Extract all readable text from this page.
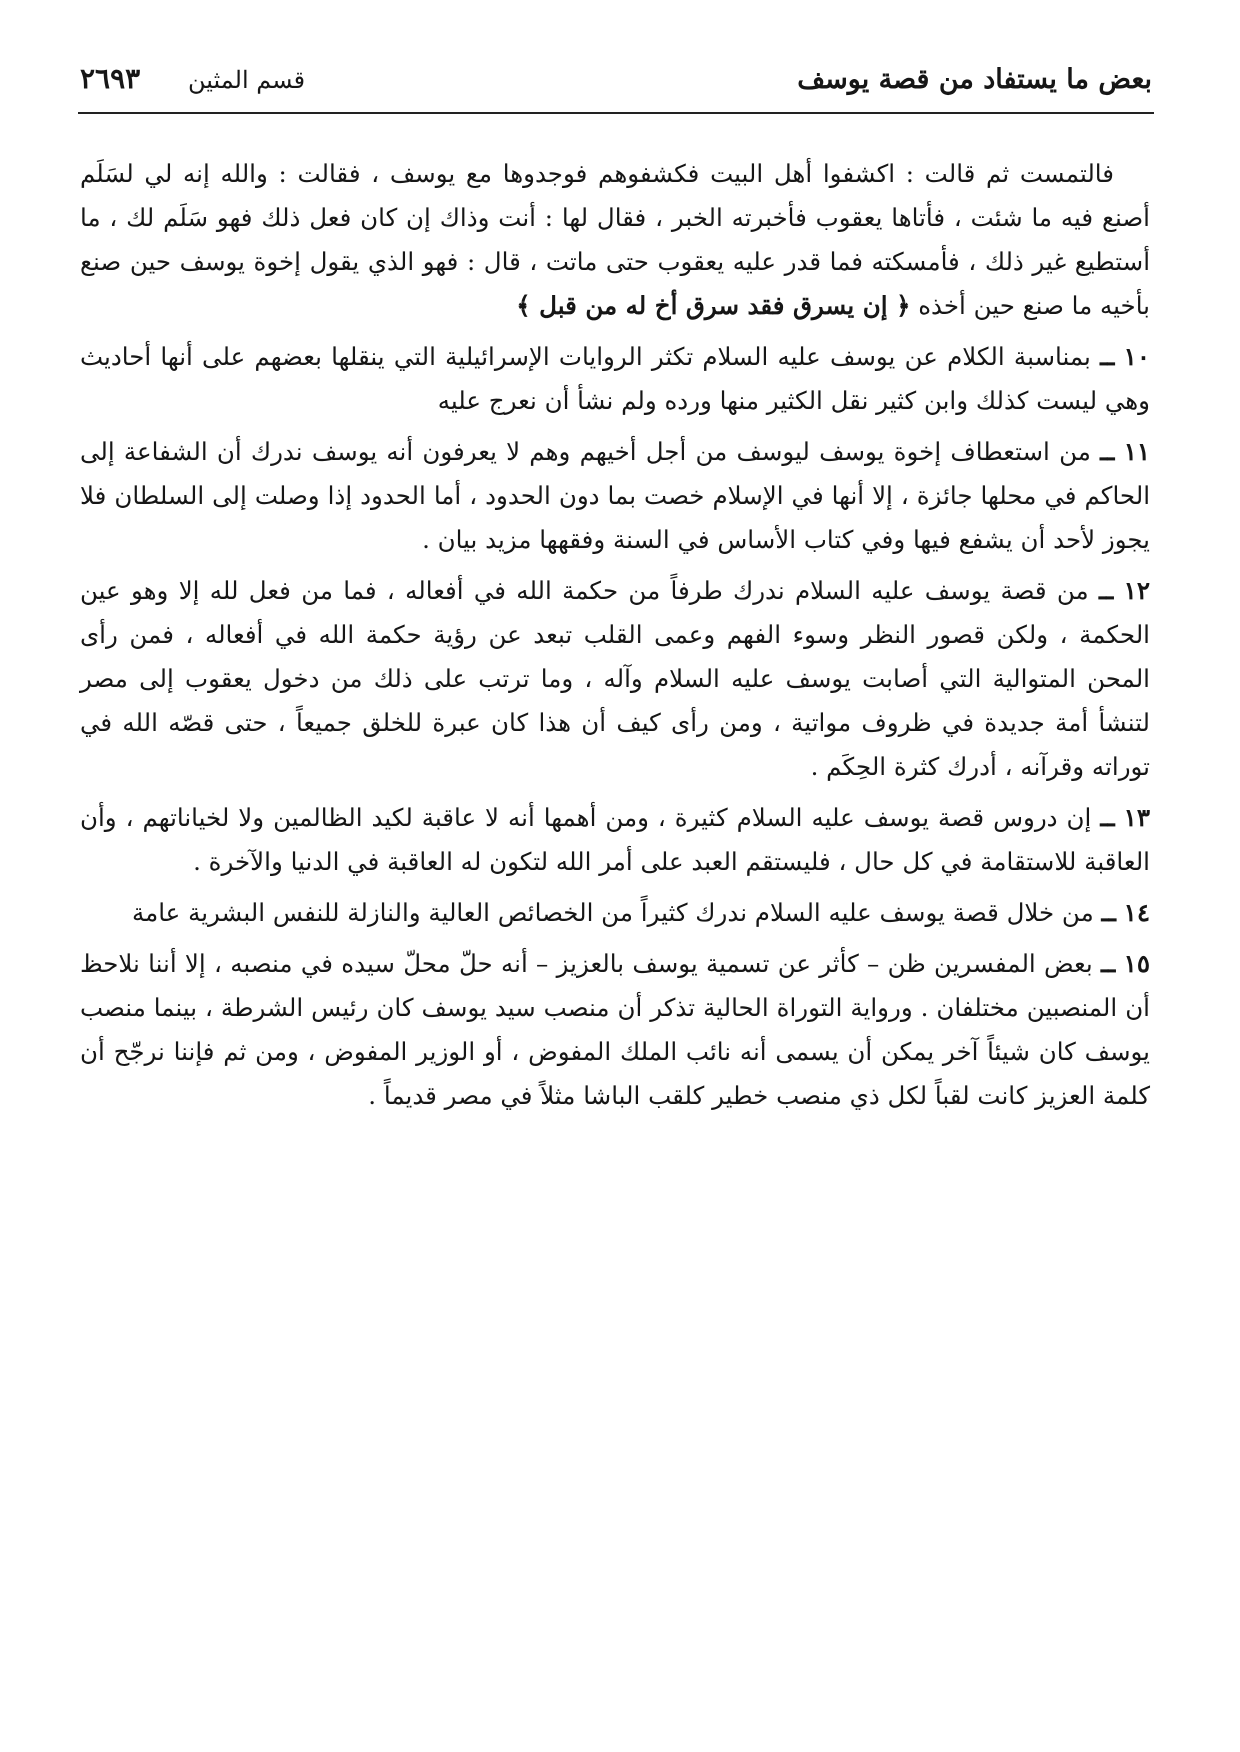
بعض ما يستفاد من قصة يوسف
قسم المثين
٢٦٩٣

فالتمست ثم قالت : اكشفوا أهل البيت فكشفوهم فوجدوها مع يوسف ، فقالت : والله إنه لي لسَلَم أصنع فيه ما شئت ، فأتاها يعقوب فأخبرته الخبر ، فقال لها : أنت وذاك إن كان فعل ذلك فهو سَلَم لك ، ما أستطيع غير ذلك ، فأمسكته فما قدر عليه يعقوب حتى ماتت ، قال : فهو الذي يقول إخوة يوسف حين صنع بأخيه ما صنع حين أخذه ﴿ إن يسرق فقد سرق أخ له من قبل ﴾

١٠ ــ بمناسبة الكلام عن يوسف عليه السلام تكثر الروايات الإسرائيلية التي ينقلها بعضهم على أنها أحاديث وهي ليست كذلك وابن كثير نقل الكثير منها ورده ولم نشأ أن نعرج عليه

١١ ــ من استعطاف إخوة يوسف ليوسف من أجل أخيهم وهم لا يعرفون أنه يوسف ندرك أن الشفاعة إلى الحاكم في محلها جائزة ، إلا أنها في الإسلام خصت بما دون الحدود ، أما الحدود إذا وصلت إلى السلطان فلا يجوز لأحد أن يشفع فيها وفي كتاب الأساس في السنة وفقهها مزيد بيان .

١٢ ــ من قصة يوسف عليه السلام ندرك طرفاً من حكمة الله في أفعاله ، فما من فعل لله إلا وهو عين الحكمة ، ولكن قصور النظر وسوء الفهم وعمى القلب تبعد عن رؤية حكمة الله في أفعاله ، فمن رأى المحن المتوالية التي أصابت يوسف عليه السلام وآله ، وما ترتب على ذلك من دخول يعقوب إلى مصر لتنشأ أمة جديدة في ظروف مواتية ، ومن رأى كيف أن هذا كان عبرة للخلق جميعاً ، حتى قصّه الله في توراته وقرآنه ، أدرك كثرة الحِكَم .

١٣ ــ إن دروس قصة يوسف عليه السلام كثيرة ، ومن أهمها أنه لا عاقبة لكيد الظالمين ولا لخياناتهم ، وأن العاقبة للاستقامة في كل حال ، فليستقم العبد على أمر الله لتكون له العاقبة في الدنيا والآخرة .

١٤ ــ من خلال قصة يوسف عليه السلام ندرك كثيراً من الخصائص العالية والنازلة للنفس البشرية عامة

١٥ ــ بعض المفسرين ظن – كأثر عن تسمية يوسف بالعزيز – أنه حلّ محلّ سيده في منصبه ، إلا أننا نلاحظ أن المنصبين مختلفان . ورواية التوراة الحالية تذكر أن منصب سيد يوسف كان رئيس الشرطة ، بينما منصب يوسف كان شيئاً آخر يمكن أن يسمى أنه نائب الملك المفوض ، أو الوزير المفوض ، ومن ثم فإننا نرجّح أن كلمة العزيز كانت لقباً لكل ذي منصب خطير كلقب الباشا مثلاً في مصر قديماً .
